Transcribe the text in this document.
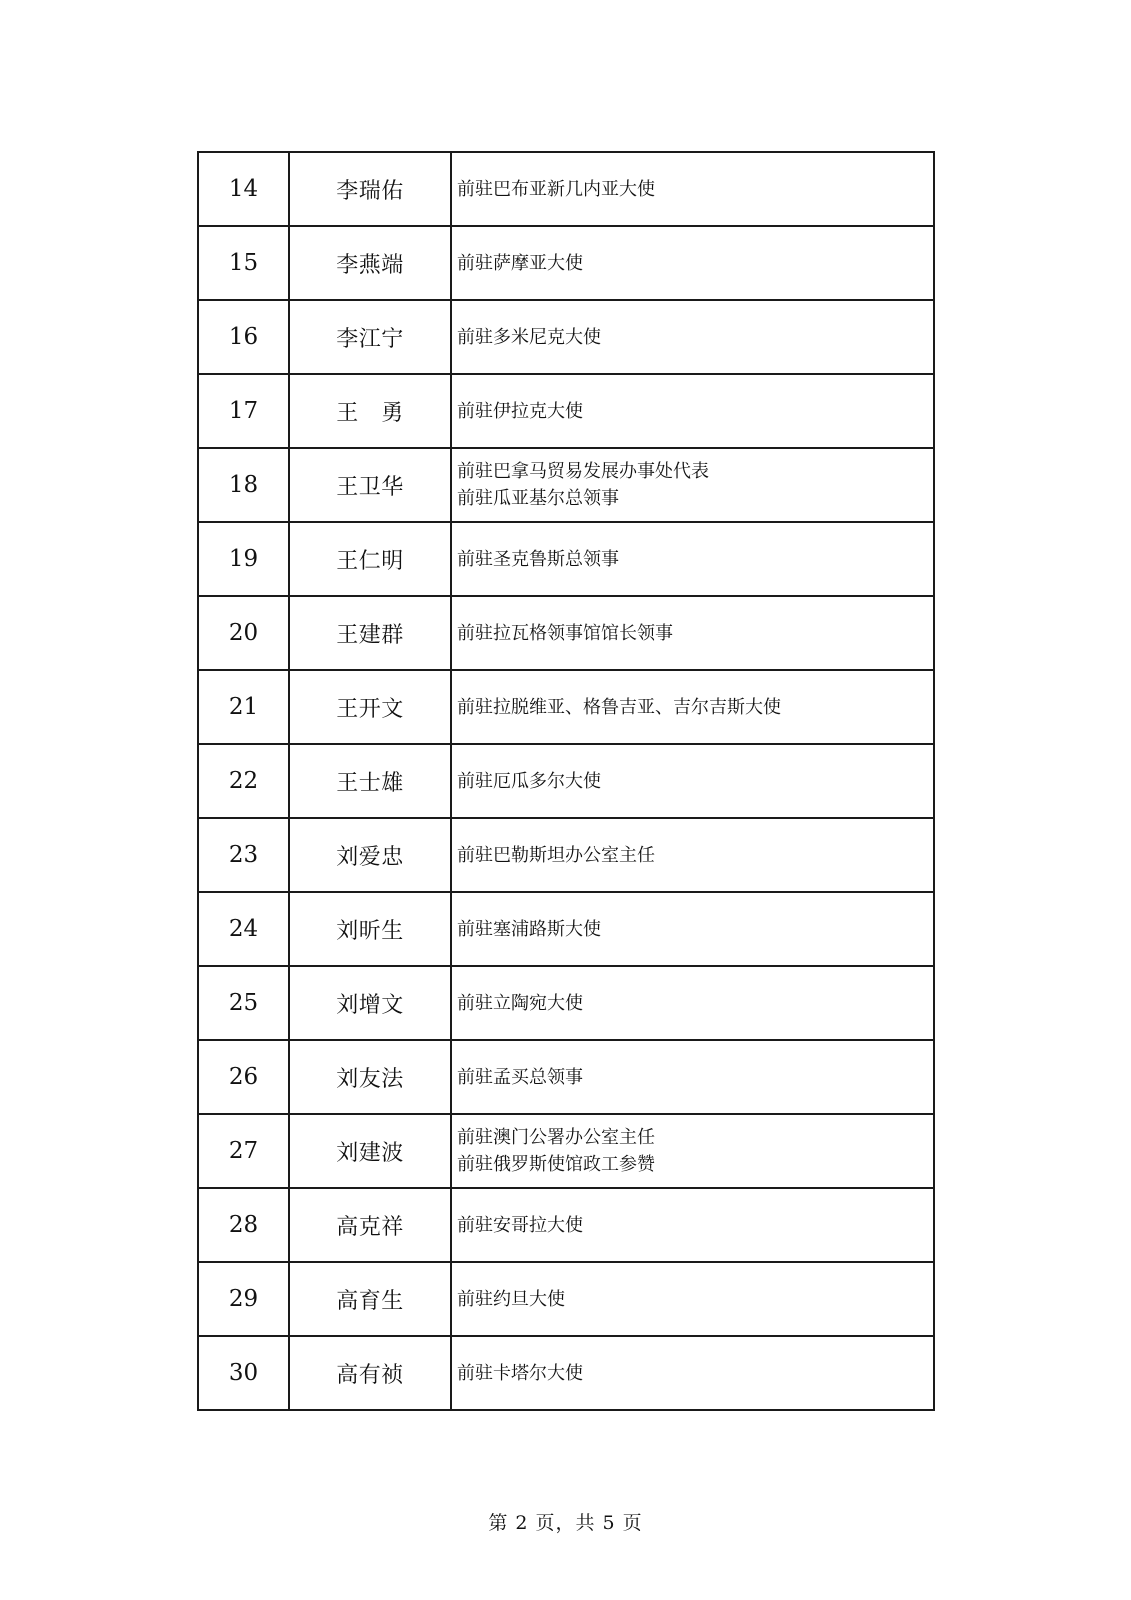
14	李瑞佑	前驻巴布亚新几内亚大使

15	李燕端	前驻萨摩亚大使

16	李江宁	前驻多米尼克大使

17	王　勇	前驻伊拉克大使

18	王卫华	前驻巴拿马贸易发展办事处代表
前驻瓜亚基尔总领事

19	王仁明	前驻圣克鲁斯总领事

20	王建群	前驻拉瓦格领事馆馆长领事

21	王开文	前驻拉脱维亚、格鲁吉亚、吉尔吉斯大使

22	王士雄	前驻厄瓜多尔大使

23	刘爱忠	前驻巴勒斯坦办公室主任

24	刘昕生	前驻塞浦路斯大使

25	刘增文	前驻立陶宛大使

26	刘友法	前驻孟买总领事

27	刘建波	前驻澳门公署办公室主任
前驻俄罗斯使馆政工参赞

28	高克祥	前驻安哥拉大使

29	高育生	前驻约旦大使

30	高有祯	前驻卡塔尔大使
第 2 页，共 5 页
